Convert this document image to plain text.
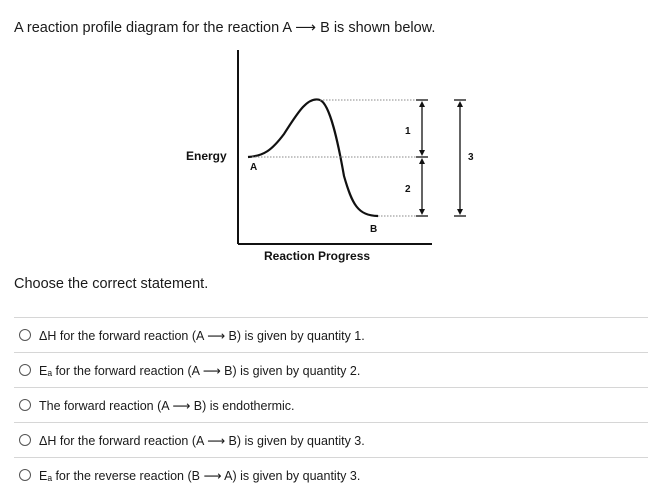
A reaction profile diagram for the reaction A ⟶ B is shown below.
Energy
Reaction Progress
A
B
1
2
3
Choose the correct statement.
ΔH for the forward reaction (A ⟶ B) is given by quantity 1.
Eₐ for the forward reaction (A ⟶ B) is given by quantity 2.
The forward reaction (A ⟶ B) is endothermic.
ΔH for the forward reaction (A ⟶ B) is given by quantity 3.
Eₐ for the reverse reaction (B ⟶ A) is given by quantity 3.
